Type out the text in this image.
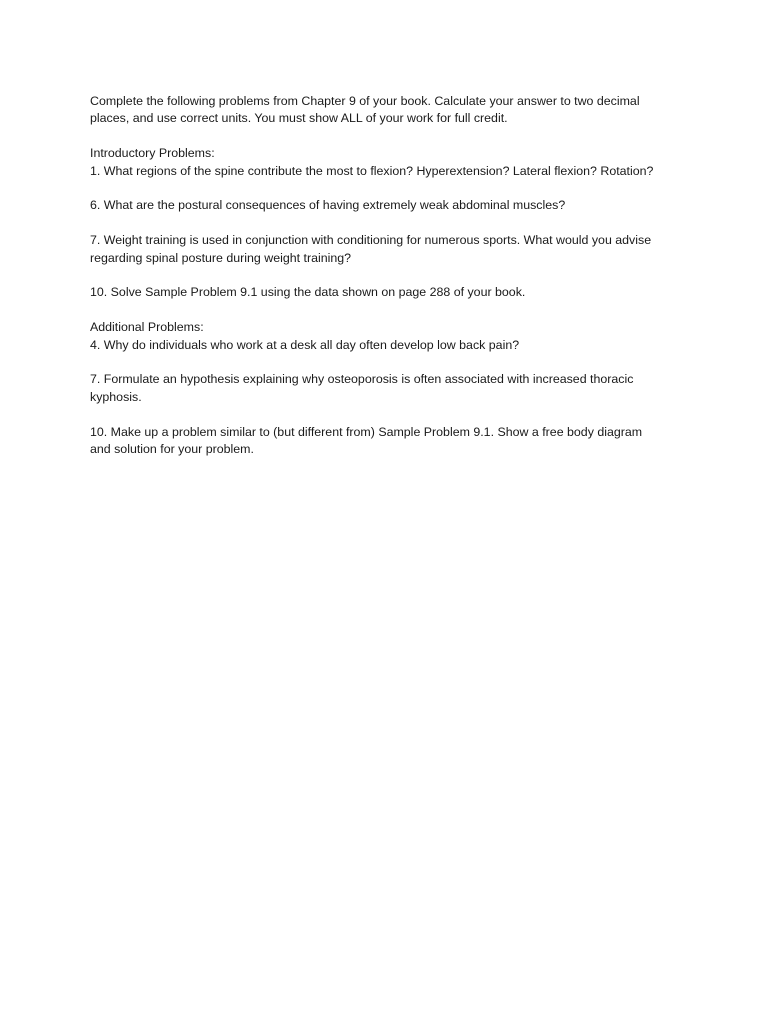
Complete the following problems from Chapter 9 of your book. Calculate your answer to two decimal
places, and use correct units. You must show ALL of your work for full credit.

Introductory Problems:

1. What regions of the spine contribute the most to flexion? Hyperextension? Lateral flexion? Rotation?

6. What are the postural consequences of having extremely weak abdominal muscles?

7. Weight training is used in conjunction with conditioning for numerous sports. What would you advise
regarding spinal posture during weight training?

10. Solve Sample Problem 9.1 using the data shown on page 288 of your book.

Additional Problems:

4. Why do individuals who work at a desk all day often develop low back pain?

7. Formulate an hypothesis explaining why osteoporosis is often associated with increased thoracic
kyphosis.

10. Make up a problem similar to (but different from) Sample Problem 9.1. Show a free body diagram
and solution for your problem.
